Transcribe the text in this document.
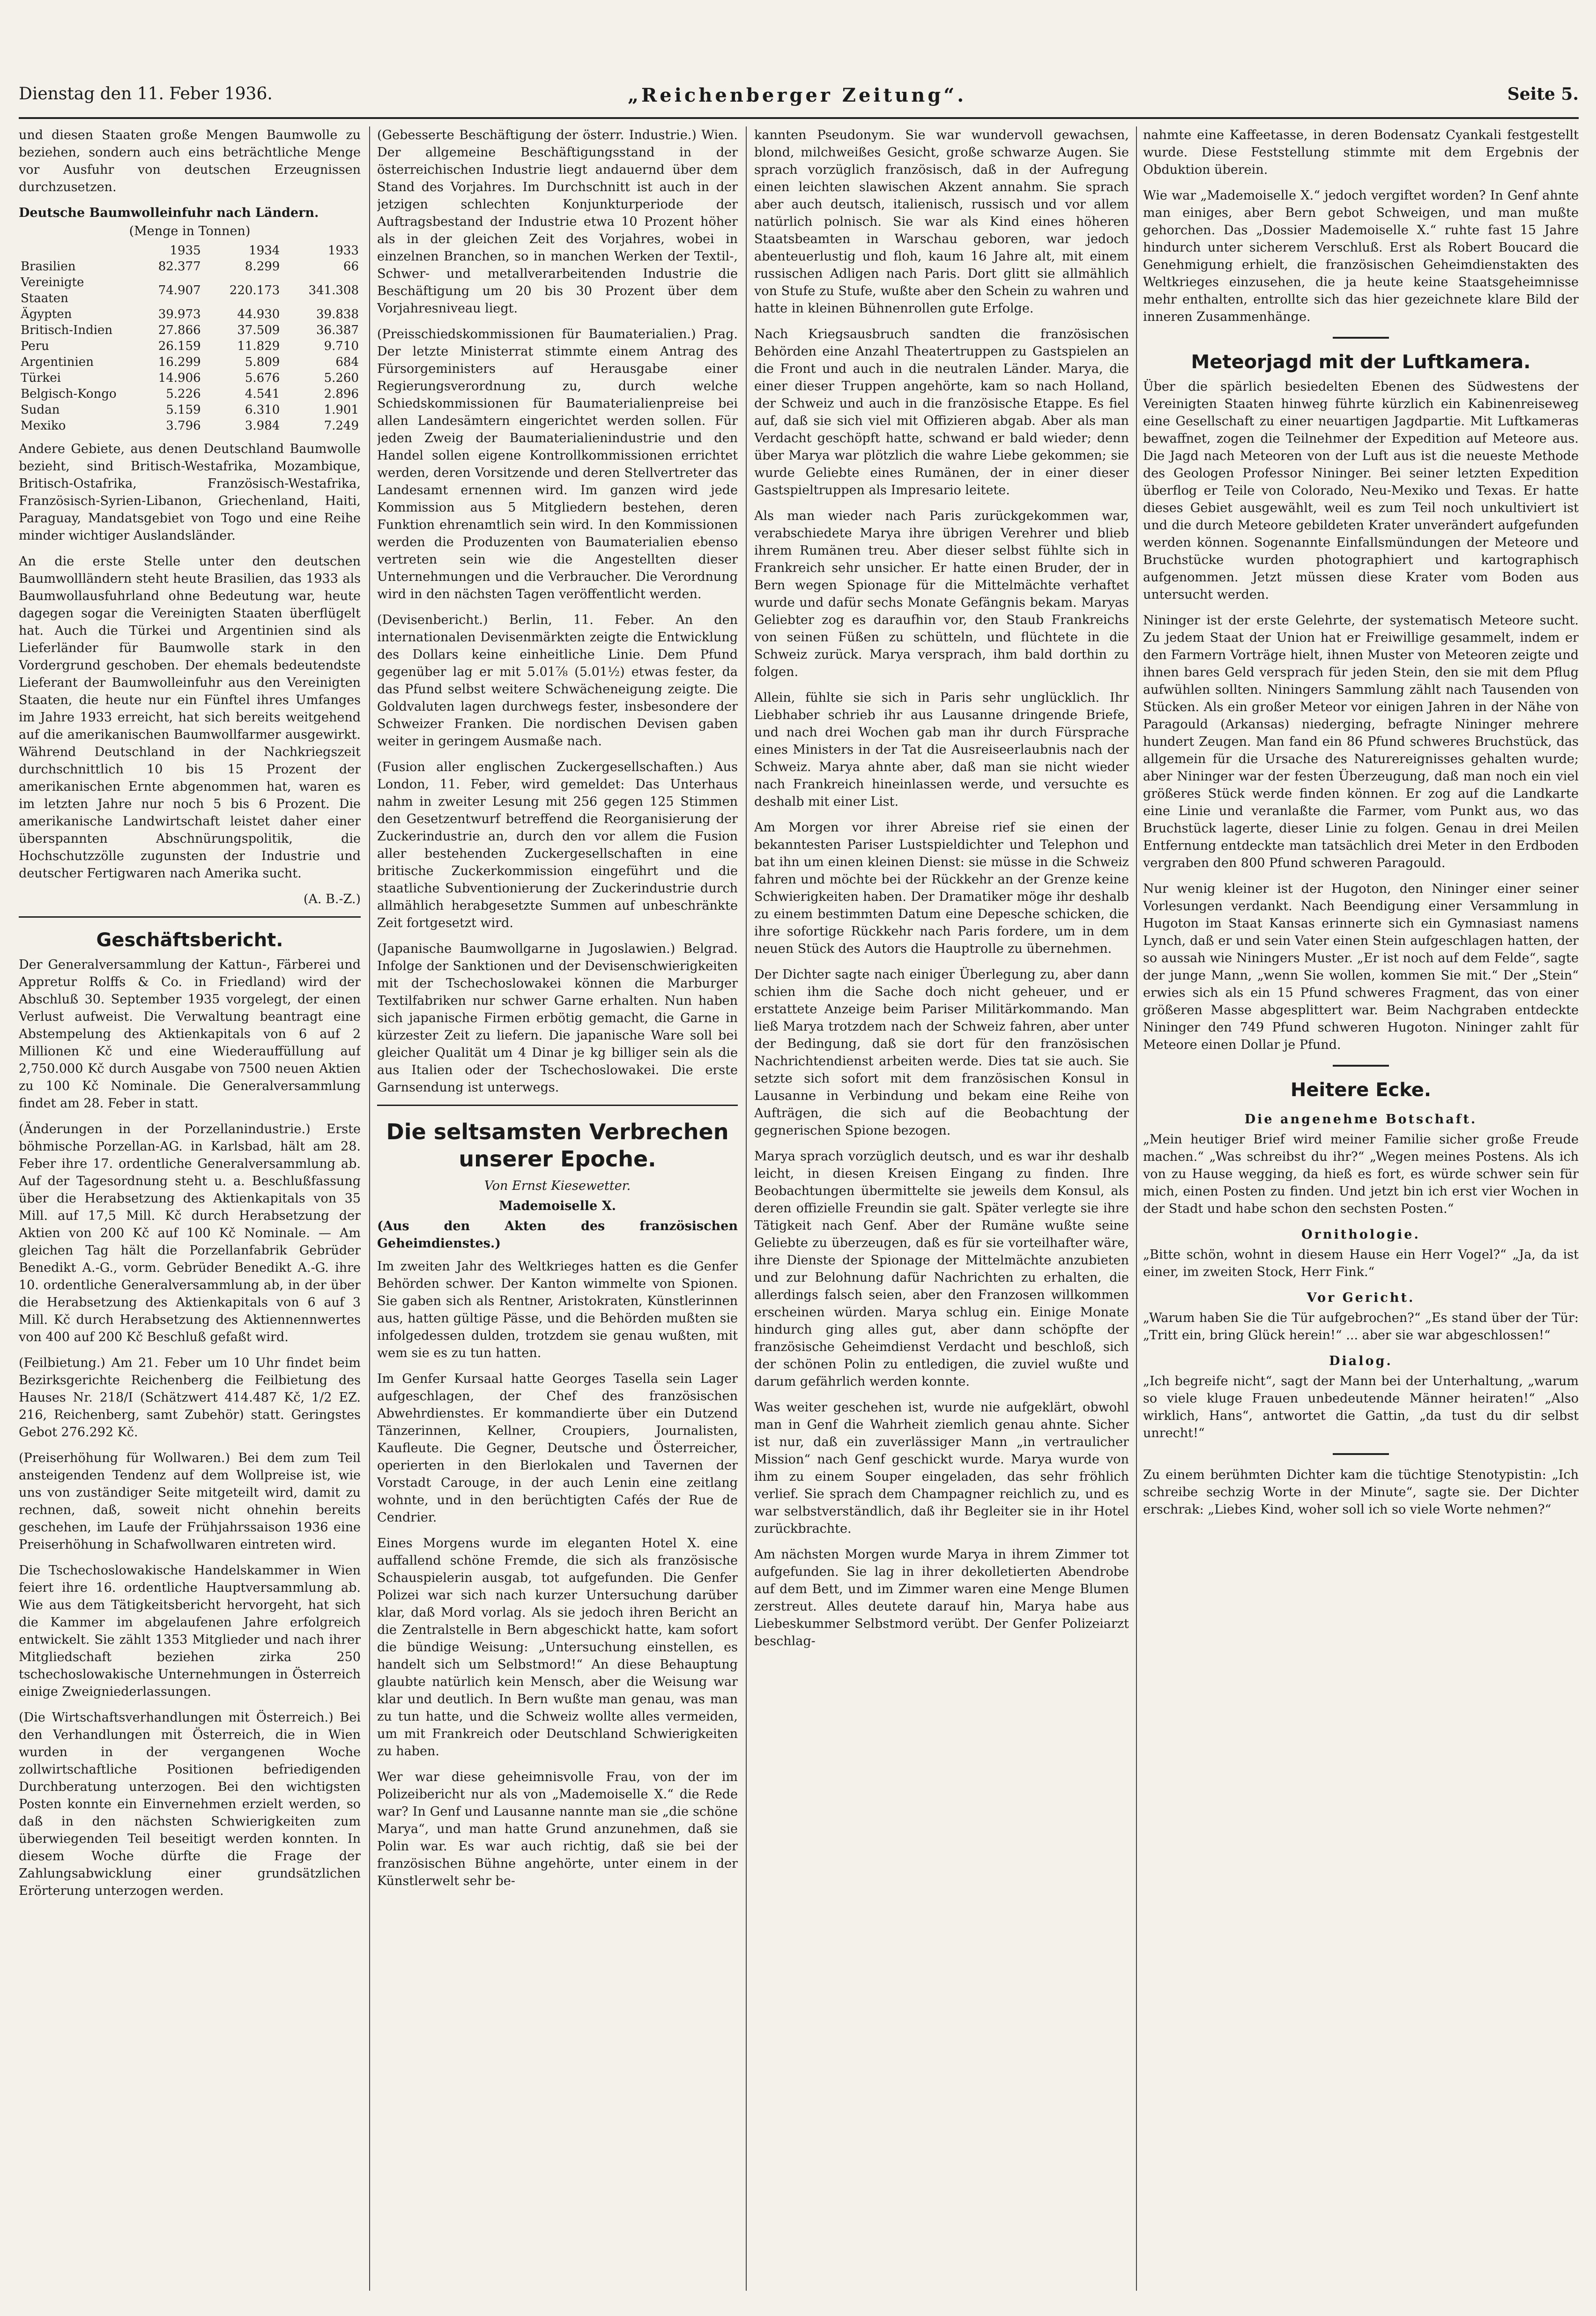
Dienstag den 11. Feber 1936.	„Reichenberger Zeitung“.	Seite 5.

und diesen Staaten große Mengen Baumwolle zu beziehen, sondern auch eins beträchtliche Menge vor Ausfuhr von deutschen Erzeugnissen durchzusetzen.

Deutsche Baumwolleinfuhr nach Ländern.
(Menge in Tonnen)
	1935	1934	1933
Brasilien	82.377	8.299	66
Vereinigte Staaten	74.907	220.173	341.308
Ägypten	39.973	44.930	39.838
Britisch-Indien	27.866	37.509	36.387
Peru	26.159	11.829	9.710
Argentinien	16.299	5.809	684
Türkei	14.906	5.676	5.260
Belgisch-Kongo	5.226	4.541	2.896
Sudan	5.159	6.310	1.901
Mexiko	3.796	3.984	7.249

Andere Gebiete, aus denen Deutschland Baumwolle bezieht, sind Britisch-Westafrika, Mozambique, Britisch-Ostafrika, Französisch-Westafrika, Französisch-Syrien-Libanon, Griechenland, Haiti, Paraguay, Mandatsgebiet von Togo und eine Reihe minder wichtiger Auslandsländer.

An die erste Stelle unter den deutschen Baumwollländern steht heute Brasilien, das 1933 als Baumwollausfuhrland ohne Bedeutung war, heute dagegen sogar die Vereinigten Staaten überflügelt hat. Auch die Türkei und Argentinien sind als Lieferländer für Baumwolle stark in den Vordergrund geschoben. Der ehemals bedeutendste Lieferant der Baumwolleinfuhr aus den Vereinigten Staaten, die heute nur ein Fünftel ihres Umfanges im Jahre 1933 erreicht, hat sich bereits weitgehend auf die amerikanischen Baumwollfarmer ausgewirkt. Während Deutschland in der Nachkriegszeit durchschnittlich 10 bis 15 Prozent der amerikanischen Ernte abgenommen hat, waren es im letzten Jahre nur noch 5 bis 6 Prozent. Die amerikanische Landwirtschaft leistet daher einer überspannten Abschnürungspolitik, die Hochschutzzölle zugunsten der Industrie und deutscher Fertigwaren nach Amerika sucht.

(A. B.-Z.)

Geschäftsbericht.

Der Generalversammlung der Kattun-, Färberei und Appretur Rolffs & Co. in Friedland) wird der Abschluß 30. September 1935 vorgelegt, der einen Verlust aufweist. Die Verwaltung beantragt eine Abstempelung des Aktienkapitals von 6 auf 2 Millionen Kč und eine Wiederauffüllung auf 2,750.000 Kč durch Ausgabe von 7500 neuen Aktien zu 100 Kč Nominale. Die Generalversammlung findet am 28. Feber in statt.

(Änderungen in der Porzellanindustrie.) Erste böhmische Porzellan-AG. in Karlsbad, hält am 28. Feber ihre 17. ordentliche Generalversammlung ab. Auf der Tagesordnung steht u. a. Beschlußfassung über die Herabsetzung des Aktienkapitals von 35 Mill. auf 17,5 Mill. Kč durch Herabsetzung der Aktien von 200 Kč auf 100 Kč Nominale. — Am gleichen Tag hält die Porzellanfabrik Gebrüder Benedikt A.-G., vorm. Gebrüder Benedikt A.-G. ihre 10. ordentliche Generalversammlung ab, in der über die Herabsetzung des Aktienkapitals von 6 auf 3 Mill. Kč durch Herabsetzung des Aktiennennwertes von 400 auf 200 Kč Beschluß gefaßt wird.

(Feilbietung.) Am 21. Feber um 10 Uhr findet beim Bezirksgerichte Reichenberg die Feilbietung des Hauses Nr. 218/I (Schätzwert 414.487 Kč, 1/2 EZ. 216, Reichenberg, samt Zubehör) statt. Geringstes Gebot 276.292 Kč.

(Preiserhöhung für Wollwaren.) Bei dem zum Teil ansteigenden Tendenz auf dem Wollpreise ist, wie uns von zuständiger Seite mitgeteilt wird, damit zu rechnen, daß, soweit nicht ohnehin bereits geschehen, im Laufe der Frühjahrssaison 1936 eine Preiserhöhung in Schafwollwaren eintreten wird.

Die Tschechoslowakische Handelskammer in Wien feiert ihre 16. ordentliche Hauptversammlung ab. Wie aus dem Tätigkeitsbericht hervorgeht, hat sich die Kammer im abgelaufenen Jahre erfolgreich entwickelt. Sie zählt 1353 Mitglieder und nach ihrer Mitgliedschaft beziehen zirka 250 tschechoslowakische Unternehmungen in Österreich einige Zweigniederlassungen.

(Die Wirtschaftsverhandlungen mit Österreich.) Bei den Verhandlungen mit Österreich, die in Wien wurden in der vergangenen Woche zollwirtschaftliche Positionen befriedigenden Durchberatung unterzogen. Bei den wichtigsten Posten konnte ein Einvernehmen erzielt werden, so daß in den nächsten Schwierigkeiten zum überwiegenden Teil beseitigt werden konnten. In diesem Woche dürfte die Frage der Zahlungsabwicklung einer grundsätzlichen Erörterung unterzogen werden.

(Gebesserte Beschäftigung der österr. Industrie.) Wien. Der allgemeine Beschäftigungsstand in der österreichischen Industrie liegt andauernd über dem Stand des Vorjahres. Im Durchschnitt ist auch in der jetzigen schlechten Konjunkturperiode der Auftragsbestand der Industrie etwa 10 Prozent höher als in der gleichen Zeit des Vorjahres, wobei in einzelnen Branchen, so in manchen Werken der Textil-, Schwer- und metallverarbeitenden Industrie die Beschäftigung um 20 bis 30 Prozent über dem Vorjahresniveau liegt.

(Preisschiedskommissionen für Baumaterialien.) Prag. Der letzte Ministerrat stimmte einem Antrag des Fürsorgeministers auf Herausgabe einer Regierungsverordnung zu, durch welche Schiedskommissionen für Baumaterialienpreise bei allen Landesämtern eingerichtet werden sollen. Für jeden Zweig der Baumaterialienindustrie und den Handel sollen eigene Kontrollkommissionen errichtet werden, deren Vorsitzende und deren Stellvertreter das Landesamt ernennen wird. Im ganzen wird jede Kommission aus 5 Mitgliedern bestehen, deren Funktion ehrenamtlich sein wird. In den Kommissionen werden die Produzenten von Baumaterialien ebenso vertreten sein wie die Angestellten dieser Unternehmungen und die Verbraucher. Die Verordnung wird in den nächsten Tagen veröffentlicht werden.

(Devisenbericht.) Berlin, 11. Feber. An den internationalen Devisenmärkten zeigte die Entwicklung des Dollars keine einheitliche Linie. Dem Pfund gegenüber lag er mit 5.01⅞ (5.01½) etwas fester, da das Pfund selbst weitere Schwächeneigung zeigte. Die Goldvaluten lagen durchwegs fester, insbesondere der Schweizer Franken. Die nordischen Devisen gaben weiter in geringem Ausmaße nach.

(Fusion aller englischen Zuckergesellschaften.) Aus London, 11. Feber, wird gemeldet: Das Unterhaus nahm in zweiter Lesung mit 256 gegen 125 Stimmen den Gesetzentwurf betreffend die Reorganisierung der Zuckerindustrie an, durch den vor allem die Fusion aller bestehenden Zuckergesellschaften in eine britische Zuckerkommission eingeführt und die staatliche Subventionierung der Zuckerindustrie durch allmählich herabgesetzte Summen auf unbeschränkte Zeit fortgesetzt wird.

(Japanische Baumwollgarne in Jugoslawien.) Belgrad. Infolge der Sanktionen und der Devisenschwierigkeiten mit der Tschechoslowakei können die Marburger Textilfabriken nur schwer Garne erhalten. Nun haben sich japanische Firmen erbötig gemacht, die Garne in kürzester Zeit zu liefern. Die japanische Ware soll bei gleicher Qualität um 4 Dinar je kg billiger sein als die aus Italien oder der Tschechoslowakei. Die erste Garnsendung ist unterwegs.

Die seltsamsten Verbrechen unserer Epoche.
Von Ernst Kiesewetter.
Mademoiselle X.
(Aus den Akten des französischen Geheimdienstes.)

Im zweiten Jahr des Weltkrieges hatten es die Genfer Behörden schwer. Der Kanton wimmelte von Spionen. Sie gaben sich als Rentner, Aristokraten, Künstlerinnen aus, hatten gültige Pässe, und die Behörden mußten sie infolgedessen dulden, trotzdem sie genau wußten, mit wem sie es zu tun hatten.

Im Genfer Kursaal hatte Georges Tasella sein Lager aufgeschlagen, der Chef des französischen Abwehrdienstes. Er kommandierte über ein Dutzend Tänzerinnen, Kellner, Croupiers, Journalisten, Kaufleute. Die Gegner, Deutsche und Österreicher, operierten in den Bierlokalen und Tavernen der Vorstadt Carouge, in der auch Lenin eine zeitlang wohnte, und in den berüchtigten Cafés der Rue de Cendrier.

Eines Morgens wurde im eleganten Hotel X. eine auffallend schöne Fremde, die sich als französische Schauspielerin ausgab, tot aufgefunden. Die Genfer Polizei war sich nach kurzer Untersuchung darüber klar, daß Mord vorlag. Als sie jedoch ihren Bericht an die Zentralstelle in Bern abgeschickt hatte, kam sofort die bündige Weisung: „Untersuchung einstellen, es handelt sich um Selbstmord!“ An diese Behauptung glaubte natürlich kein Mensch, aber die Weisung war klar und deutlich. In Bern wußte man genau, was man zu tun hatte, und die Schweiz wollte alles vermeiden, um mit Frankreich oder Deutschland Schwierigkeiten zu haben.

Wer war diese geheimnisvolle Frau, von der im Polizeibericht nur als von „Mademoiselle X.“ die Rede war? In Genf und Lausanne nannte man sie „die schöne Marya“, und man hatte Grund anzunehmen, daß sie Polin war. Es war auch richtig, daß sie bei der französischen Bühne angehörte, unter einem in der Künstlerwelt sehr be-

kannten Pseudonym. Sie war wundervoll gewachsen, blond, milchweißes Gesicht, große schwarze Augen. Sie sprach vorzüglich französisch, daß in der Aufregung einen leichten slawischen Akzent annahm. Sie sprach aber auch deutsch, italienisch, russisch und vor allem natürlich polnisch. Sie war als Kind eines höheren Staatsbeamten in Warschau geboren, war jedoch abenteuerlustig und floh, kaum 16 Jahre alt, mit einem russischen Adligen nach Paris. Dort glitt sie allmählich von Stufe zu Stufe, wußte aber den Schein zu wahren und hatte in kleinen Bühnenrollen gute Erfolge.

Nach Kriegsausbruch sandten die französischen Behörden eine Anzahl Theatertruppen zu Gastspielen an die Front und auch in die neutralen Länder. Marya, die einer dieser Truppen angehörte, kam so nach Holland, der Schweiz und auch in die französische Etappe. Es fiel auf, daß sie sich viel mit Offizieren abgab. Aber als man Verdacht geschöpft hatte, schwand er bald wieder; denn über Marya war plötzlich die wahre Liebe gekommen; sie wurde Geliebte eines Rumänen, der in einer dieser Gastspieltruppen als Impresario leitete.

Als man wieder nach Paris zurückgekommen war, verabschiedete Marya ihre übrigen Verehrer und blieb ihrem Rumänen treu. Aber dieser selbst fühlte sich in Frankreich sehr unsicher. Er hatte einen Bruder, der in Bern wegen Spionage für die Mittelmächte verhaftet wurde und dafür sechs Monate Gefängnis bekam. Maryas Geliebter zog es daraufhin vor, den Staub Frankreichs von seinen Füßen zu schütteln, und flüchtete in die Schweiz zurück. Marya versprach, ihm bald dorthin zu folgen.

Allein, fühlte sie sich in Paris sehr unglücklich. Ihr Liebhaber schrieb ihr aus Lausanne dringende Briefe, und nach drei Wochen gab man ihr durch Fürsprache eines Ministers in der Tat die Ausreiseerlaubnis nach der Schweiz. Marya ahnte aber, daß man sie nicht wieder nach Frankreich hineinlassen werde, und versuchte es deshalb mit einer List.

Am Morgen vor ihrer Abreise rief sie einen der bekanntesten Pariser Lustspieldichter und Telephon und bat ihn um einen kleinen Dienst: sie müsse in die Schweiz fahren und möchte bei der Rückkehr an der Grenze keine Schwierigkeiten haben. Der Dramatiker möge ihr deshalb zu einem bestimmten Datum eine Depesche schicken, die ihre sofortige Rückkehr nach Paris fordere, um in dem neuen Stück des Autors die Hauptrolle zu übernehmen.

Der Dichter sagte nach einiger Überlegung zu, aber dann schien ihm die Sache doch nicht geheuer, und er erstattete Anzeige beim Pariser Militärkommando. Man ließ Marya trotzdem nach der Schweiz fahren, aber unter der Bedingung, daß sie dort für den französischen Nachrichtendienst arbeiten werde. Dies tat sie auch. Sie setzte sich sofort mit dem französischen Konsul in Lausanne in Verbindung und bekam eine Reihe von Aufträgen, die sich auf die Beobachtung der gegnerischen Spione bezogen.

Marya sprach vorzüglich deutsch, und es war ihr deshalb leicht, in diesen Kreisen Eingang zu finden. Ihre Beobachtungen übermittelte sie jeweils dem Konsul, als deren offizielle Freundin sie galt. Später verlegte sie ihre Tätigkeit nach Genf. Aber der Rumäne wußte seine Geliebte zu überzeugen, daß es für sie vorteilhafter wäre, ihre Dienste der Spionage der Mittelmächte anzubieten und zur Belohnung dafür Nachrichten zu erhalten, die allerdings falsch seien, aber den Franzosen willkommen erscheinen würden. Marya schlug ein. Einige Monate hindurch ging alles gut, aber dann schöpfte der französische Geheimdienst Verdacht und beschloß, sich der schönen Polin zu entledigen, die zuviel wußte und darum gefährlich werden konnte.

Was weiter geschehen ist, wurde nie aufgeklärt, obwohl man in Genf die Wahrheit ziemlich genau ahnte. Sicher ist nur, daß ein zuverlässiger Mann „in vertraulicher Mission“ nach Genf geschickt wurde. Marya wurde von ihm zu einem Souper eingeladen, das sehr fröhlich verlief. Sie sprach dem Champagner reichlich zu, und es war selbstverständlich, daß ihr Begleiter sie in ihr Hotel zurückbrachte.

Am nächsten Morgen wurde Marya in ihrem Zimmer tot aufgefunden. Sie lag in ihrer dekolletierten Abendrobe auf dem Bett, und im Zimmer waren eine Menge Blumen zerstreut. Alles deutete darauf hin, Marya habe aus Liebeskummer Selbstmord verübt. Der Genfer Polizeiarzt beschlag-

nahmte eine Kaffeetasse, in deren Bodensatz Cyankali festgestellt wurde. Diese Feststellung stimmte mit dem Ergebnis der Obduktion überein.

Wie war „Mademoiselle X.“ jedoch vergiftet worden? In Genf ahnte man einiges, aber Bern gebot Schweigen, und man mußte gehorchen. Das „Dossier Mademoiselle X.“ ruhte fast 15 Jahre hindurch unter sicherem Verschluß. Erst als Robert Boucard die Genehmigung erhielt, die französischen Geheimdienstakten des Weltkrieges einzusehen, die ja heute keine Staatsgeheimnisse mehr enthalten, entrollte sich das hier gezeichnete klare Bild der inneren Zusammenhänge.

Meteorjagd mit der Luftkamera.

Über die spärlich besiedelten Ebenen des Südwestens der Vereinigten Staaten hinweg führte kürzlich ein Kabinenreiseweg eine Gesellschaft zu einer neuartigen Jagdpartie. Mit Luftkameras bewaffnet, zogen die Teilnehmer der Expedition auf Meteore aus. Die Jagd nach Meteoren von der Luft aus ist die neueste Methode des Geologen Professor Nininger. Bei seiner letzten Expedition überflog er Teile von Colorado, Neu-Mexiko und Texas. Er hatte dieses Gebiet ausgewählt, weil es zum Teil noch unkultiviert ist und die durch Meteore gebildeten Krater unverändert aufgefunden werden können. Sogenannte Einfallsmündungen der Meteore und Bruchstücke wurden photographiert und kartographisch aufgenommen. Jetzt müssen diese Krater vom Boden aus untersucht werden.

Nininger ist der erste Gelehrte, der systematisch Meteore sucht. Zu jedem Staat der Union hat er Freiwillige gesammelt, indem er den Farmern Vorträge hielt, ihnen Muster von Meteoren zeigte und ihnen bares Geld versprach für jeden Stein, den sie mit dem Pflug aufwühlen sollten. Niningers Sammlung zählt nach Tausenden von Stücken. Als ein großer Meteor vor einigen Jahren in der Nähe von Paragould (Arkansas) niederging, befragte Nininger mehrere hundert Zeugen. Man fand ein 86 Pfund schweres Bruchstück, das allgemein für die Ursache des Naturereignisses gehalten wurde; aber Nininger war der festen Überzeugung, daß man noch ein viel größeres Stück werde finden können. Er zog auf die Landkarte eine Linie und veranlaßte die Farmer, vom Punkt aus, wo das Bruchstück lagerte, dieser Linie zu folgen. Genau in drei Meilen Entfernung entdeckte man tatsächlich drei Meter in den Erdboden vergraben den 800 Pfund schweren Paragould.

Nur wenig kleiner ist der Hugoton, den Nininger einer seiner Vorlesungen verdankt. Nach Beendigung einer Versammlung in Hugoton im Staat Kansas erinnerte sich ein Gymnasiast namens Lynch, daß er und sein Vater einen Stein aufgeschlagen hatten, der so aussah wie Niningers Muster. „Er ist noch auf dem Felde“, sagte der junge Mann, „wenn Sie wollen, kommen Sie mit.“ Der „Stein“ erwies sich als ein 15 Pfund schweres Fragment, das von einer größeren Masse abgesplittert war. Beim Nachgraben entdeckte Nininger den 749 Pfund schweren Hugoton. Nininger zahlt für Meteore einen Dollar je Pfund.

Heitere Ecke.
Die angenehme Botschaft.

„Mein heutiger Brief wird meiner Familie sicher große Freude machen.“ „Was schreibst du ihr?“ „Wegen meines Postens. Als ich von zu Hause wegging, da hieß es fort, es würde schwer sein für mich, einen Posten zu finden. Und jetzt bin ich erst vier Wochen in der Stadt und habe schon den sechsten Posten.“

Ornithologie.

„Bitte schön, wohnt in diesem Hause ein Herr Vogel?“ „Ja, da ist einer, im zweiten Stock, Herr Fink.“

Vor Gericht.

„Warum haben Sie die Tür aufgebrochen?“ „Es stand über der Tür: „Tritt ein, bring Glück herein!“ ... aber sie war abgeschlossen!“

Dialog.

„Ich begreife nicht“, sagt der Mann bei der Unterhaltung, „warum so viele kluge Frauen unbedeutende Männer heiraten!“ „Also wirklich, Hans“, antwortet die Gattin, „da tust du dir selbst unrecht!“

Zu einem berühmten Dichter kam die tüchtige Stenotypistin: „Ich schreibe sechzig Worte in der Minute“, sagte sie. Der Dichter erschrak: „Liebes Kind, woher soll ich so viele Worte nehmen?“
